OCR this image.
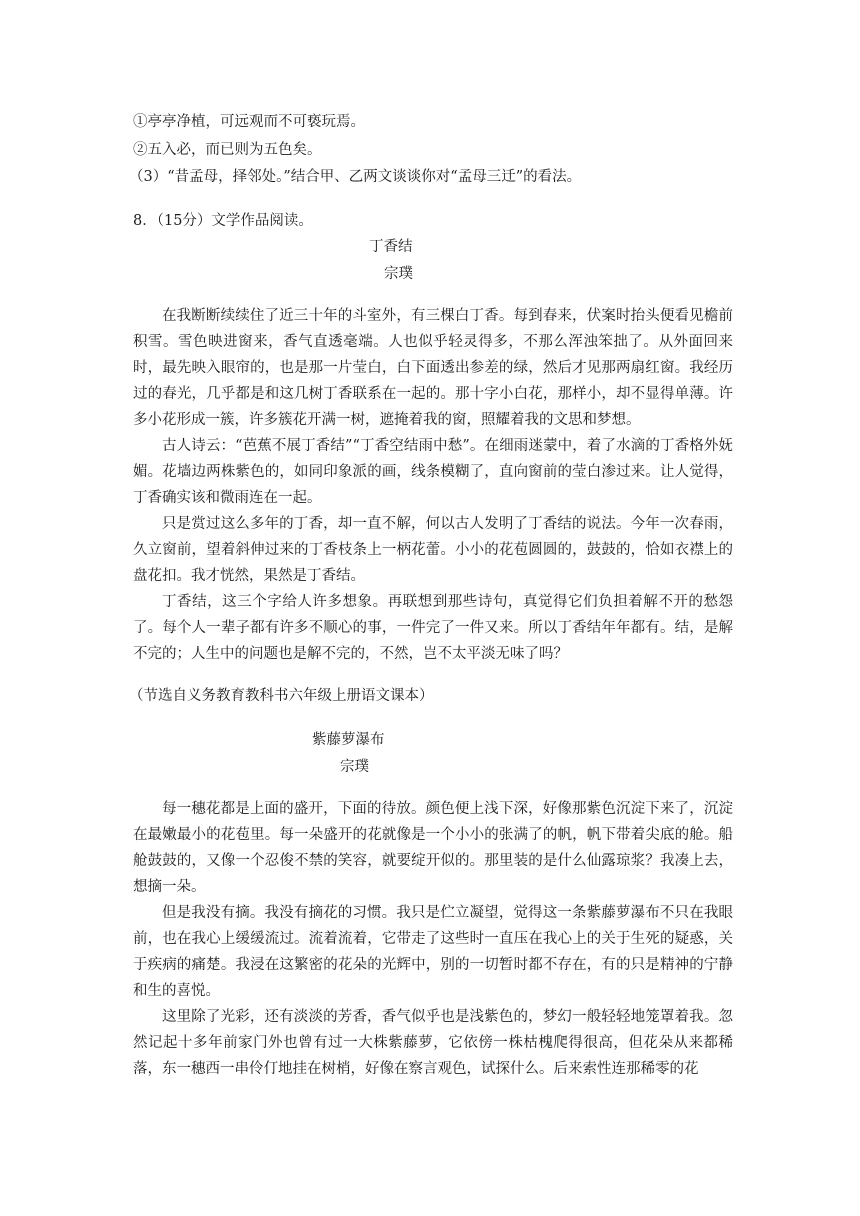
①亭亭净植，可远观而不可亵玩焉。
②五入必，而已则为五色矣。
（3）“昔孟母，择邻处。”结合甲、乙两文谈谈你对“孟母三迁”的看法。
8．（15分）文学作品阅读。
丁香结
宗璞

在我断断续续住了近三十年的斗室外，有三棵白丁香。每到春来，伏案时抬头便看见檐前积雪。雪色映进窗来，香气直透毫端。人也似乎轻灵得多，不那么浑浊笨拙了。从外面回来时，最先映入眼帘的，也是那一片莹白，白下面透出参差的绿，然后才见那两扇红窗。我经历过的春光，几乎都是和这几树丁香联系在一起的。那十字小白花，那样小，却不显得单薄。许多小花形成一簇，许多簇花开满一树，遮掩着我的窗，照耀着我的文思和梦想。

古人诗云：“芭蕉不展丁香结”“丁香空结雨中愁”。在细雨迷蒙中，着了水滴的丁香格外妩媚。花墙边两株紫色的，如同印象派的画，线条模糊了，直向窗前的莹白渗过来。让人觉得，丁香确实该和微雨连在一起。

只是赏过这么多年的丁香，却一直不解，何以古人发明了丁香结的说法。今年一次春雨，久立窗前，望着斜伸过来的丁香枝条上一柄花蕾。小小的花苞圆圆的，鼓鼓的，恰如衣襟上的盘花扣。我才恍然，果然是丁香结。

丁香结，这三个字给人许多想象。再联想到那些诗句，真觉得它们负担着解不开的愁怨了。每个人一辈子都有许多不顺心的事，一件完了一件又来。所以丁香结年年都有。结，是解不完的；人生中的问题也是解不完的，不然，岂不太平淡无味了吗？

（节选自义务教育教科书六年级上册语文课本）
紫藤萝瀑布
宗璞

每一穗花都是上面的盛开，下面的待放。颜色便上浅下深，好像那紫色沉淀下来了，沉淀在最嫩最小的花苞里。每一朵盛开的花就像是一个小小的张满了的帆，帆下带着尖底的舱。船舱鼓鼓的，又像一个忍俊不禁的笑容，就要绽开似的。那里装的是什么仙露琼浆？我凑上去，想摘一朵。

但是我没有摘。我没有摘花的习惯。我只是伫立凝望，觉得这一条紫藤萝瀑布不只在我眼前，也在我心上缓缓流过。流着流着，它带走了这些时一直压在我心上的关于生死的疑惑，关于疾病的痛楚。我浸在这繁密的花朵的光辉中，别的一切暂时都不存在，有的只是精神的宁静和生的喜悦。

这里除了光彩，还有淡淡的芳香，香气似乎也是浅紫色的，梦幻一般轻轻地笼罩着我。忽然记起十多年前家门外也曾有过一大株紫藤萝，它依傍一株枯槐爬得很高，但花朵从来都稀落，东一穗西一串伶仃地挂在树梢，好像在察言观色，试探什么。后来索性连那稀零的花
